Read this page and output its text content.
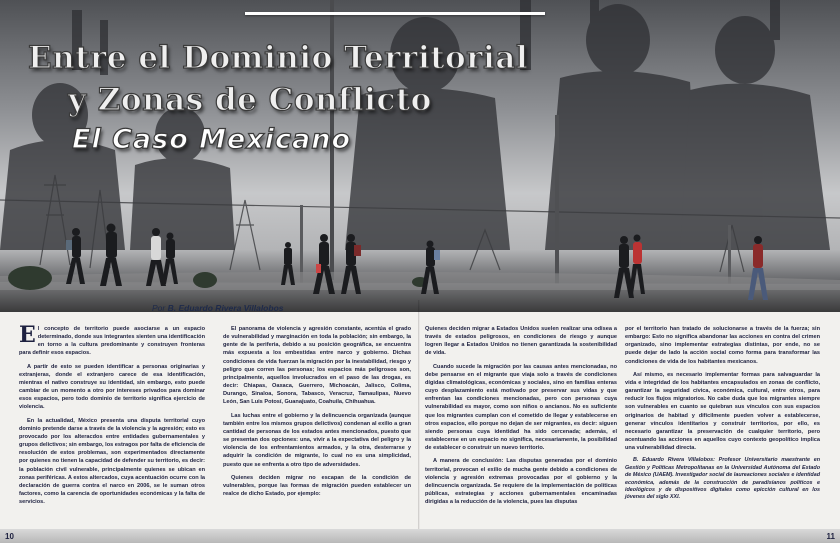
Entre el Dominio Territorial
y Zonas de Conflicto
El Caso Mexicano

Por B. Eduardo Rivera Villalobos

El concepto de territorio puede asociarse a un espacio determinado, donde sus integrantes sienten una identificación en torno a la cultura predominante y construyen fronteras para definir esos espacios.

A partir de esto se pueden identificar a personas originarias y extranjeras, donde el extranjero carece de esa identificación, mientras el nativo construye su identidad, sin embargo, esto puede cambiar de un momento a otro por intereses privados para dominar esos espacios, pero todo dominio de territorio significa ejercicio de violencia.

En la actualidad, México presenta una disputa territorial cuyo dominio pretende darse a través de la violencia y la agresión; esto es provocado por los alteracdos entre entidades gubernamentales y grupos delictivos; sin embargo, los estragos por falta de eficiencia de resolución de estos problemas, son experimentados directamente por quienes no tienen la capacidad de defender su territorio, es decir: la población civil vulnerable, principalmente quienes se ubican en zonas periféricas. A estos altercados, cuya acentuación ocurre con la declaración de guerra contra el narco en 2006, se le suman otros factores, como la carencia de oportunidades económicas y la falta de servicios.

El panorama de violencia y agresión constante, acentúa el grado de vulnerabilidad y marginación en toda la población; sin embargo, la gente de la periferia, debido a su posición geográfica, se encuentra más expuesta a los embestidas entre narco y gobierno. Dichas condiciones de vida fuerzan la migración por la inestabilidad, riesgo y peligro que corren las personas; los espacios más peligrosos son, principalmente, aquellos involucrados en el paso de las drogas, es decir: Chiapas, Oaxaca, Guerrero, Michoacán, Jalisco, Colima, Durango, Sinaloa, Sonora, Tabasco, Veracruz, Tamaulipas, Nuevo León, San Luis Potosí, Guanajuato, Coahuila, Chihuahua.

Las luchas entre el gobierno y la delincuencia organizada (aunque también entre los mismos grupos delictivos) condenan al exilio a gran cantidad de personas de los estados antes mencionados, puesto que se presentan dos opciones: una, vivir a la expectativa del peligro y la violencia de los enfrentamientos armados, y la otra, desterrarse y adquirir la condición de migrante, lo cual no es una simplicidad, puesto que se enfrenta a otro tipo de adversidades.

Quienes deciden migrar no escapan de la condición de vulnerables, porque las formas de migración pueden establecer un realce de dicho Estado, por ejemplo:

Quienes deciden migrar a Estados Unidos suelen realizar una odisea a través de estados peligrosos, en condiciones de riesgo y aunque logren llegar a Estados Unidos no tienen garantizada la sostenibilidad de vida.

Cuando sucede la migración por las causas antes mencionadas, no debe pensarse en el migrante que viaja solo a través de condiciones dígidas climatológicas, económicas y sociales, sino en familias enteras cuyo desplazamiento está motivado por preservar sus vidas y que enfrentan las condiciones mencionadas, pero con personas cuya vulnerabilidad es mayor, como son niños o ancianos. No es suficiente que los migrantes cumplan con el cometido de llegar y establecerse en otros espacios, ello porque no dejan de ser migrantes, es decir: siguen siendo personas cuya identidad ha sido cercenada; además, el establecerse en un espacio no significa, necesariamente, la posibilidad de establecer o construir un nuevo territorio.

A manera de conclusión: Las disputas generadas por el dominio territorial, provocan el exilio de mucha gente debido a condiciones de violencia y agresión extremas provocadas por el gobierno y la delincuencia organizada. Se requiere de la implementación de políticas públicas, estrategias y acciones gubernamentales encaminadas dirigidas a la reducción de la violencia, pues las disputas

por el territorio han tratado de solucionarse a través de la fuerza; sin embargo: Esto no significa abandonar las acciones en contra del crimen organizado, sino implementar estrategias distintas, por ende, no se puede dejar de lado la acción social como forma para transformar las condiciones de vida de los habitantes mexicanos.

Así mismo, es necesario implementar formas para salvaguardar la vida e integridad de los habitantes encapsulados en zonas de conflicto, garantizar la seguridad cívica, económica, cultural, entre otros, para reducir los flujos migratorios. No cabe duda que los migrantes siempre son vulnerables en cuanto se quiebran sus vínculos con sus espacios originarios de habitad y difícilmente pueden volver a establecerse, generar vínculos identitarios y construir territorios, por ello, es necesario garantizar la preservación de cualquier territorio, pero acentuando las acciones en aquellos cuyo contexto geopolítico implica una vulnerabilidad directa.

B. Eduardo Rivera Villalobos: Profesor Universitario maestrante en Gestión y Políticas Metropolitanas en la Universidad Autónoma del Estado de México (UAEM). Investigador social de laureaciones sociales e identidad económica, además de la construcción de paradisíanos políticos e ideológicos y de dispositivos digitales como epicción cultural en los jóvenes del siglo XXI.

10	11
